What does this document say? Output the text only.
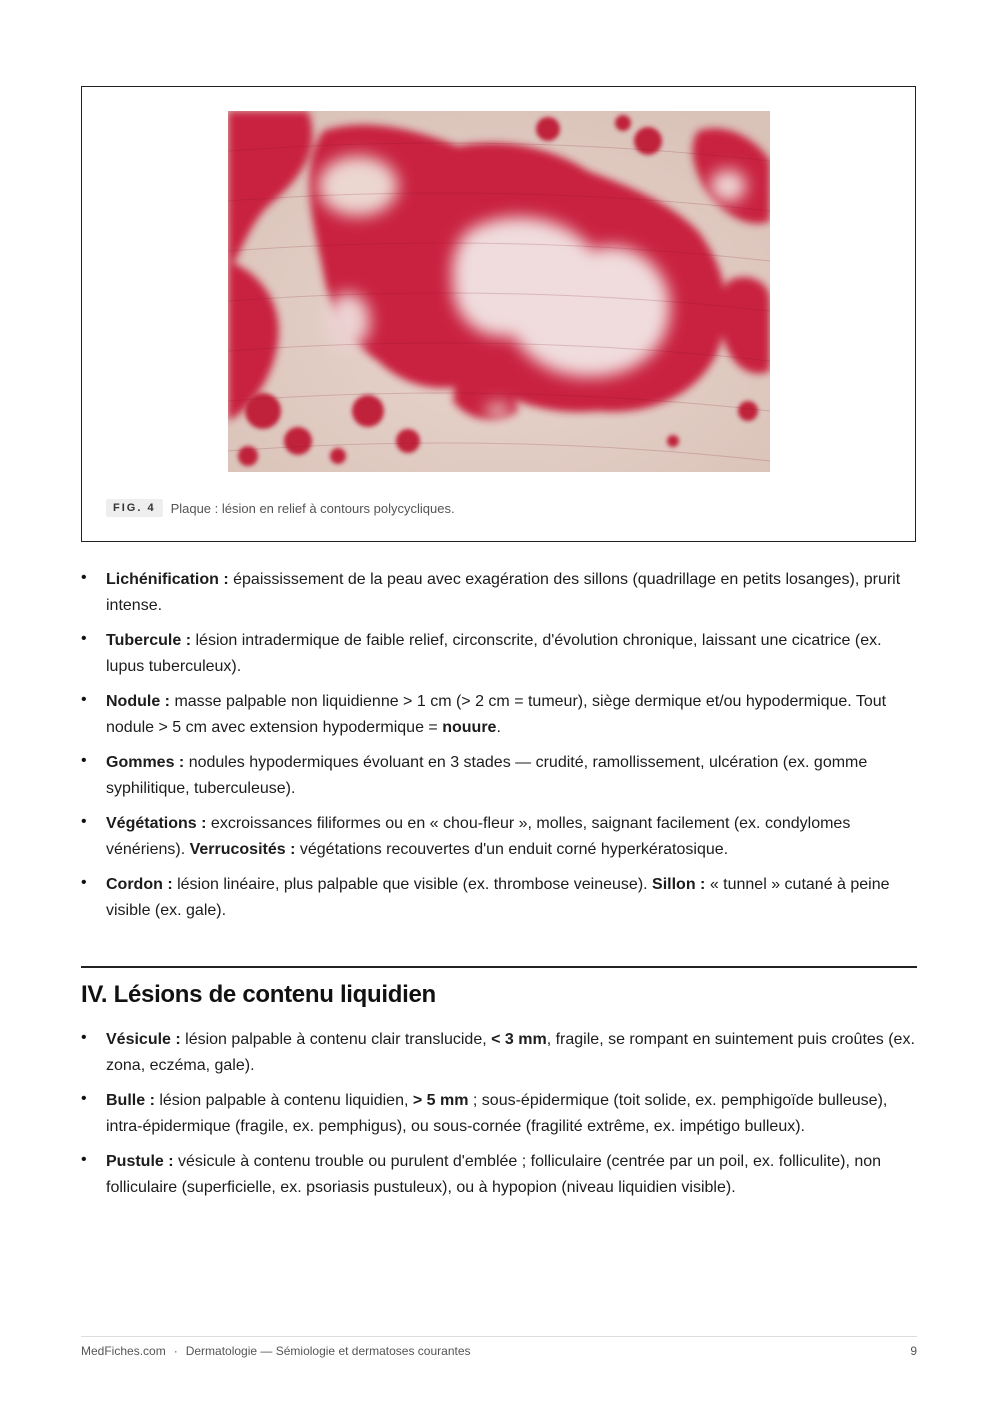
FIG. 4	Plaque : lésion en relief à contours polycycliques.
• Lichénification : épaississement de la peau avec exagération des sillons (quadrillage en petits losanges), prurit intense.
• Tubercule : lésion intradermique de faible relief, circonscrite, d'évolution chronique, laissant une cicatrice (ex. lupus tuberculeux).
• Nodule : masse palpable non liquidienne > 1 cm (> 2 cm = tumeur), siège dermique et/ou hypodermique. Tout nodule > 5 cm avec extension hypodermique = nouure.
• Gommes : nodules hypodermiques évoluant en 3 stades — crudité, ramollissement, ulcération (ex. gomme syphilitique, tuberculeuse).
• Végétations : excroissances filiformes ou en « chou-fleur », molles, saignant facilement (ex. condylomes vénériens). Verrucosités : végétations recouvertes d'un enduit corné hyperkératosique.
• Cordon : lésion linéaire, plus palpable que visible (ex. thrombose veineuse). Sillon : « tunnel » cutané à peine visible (ex. gale).
IV. Lésions de contenu liquidien
• Vésicule : lésion palpable à contenu clair translucide, < 3 mm, fragile, se rompant en suintement puis croûtes (ex. zona, eczéma, gale).
• Bulle : lésion palpable à contenu liquidien, > 5 mm ; sous-épidermique (toit solide, ex. pemphigoïde bulleuse), intra-épidermique (fragile, ex. pemphigus), ou sous-cornée (fragilité extrême, ex. impétigo bulleux).
• Pustule : vésicule à contenu trouble ou purulent d'emblée ; folliculaire (centrée par un poil, ex. folliculite), non folliculaire (superficielle, ex. psoriasis pustuleux), ou à hypopion (niveau liquidien visible).
MedFiches.com · Dermatologie — Sémiologie et dermatoses courantes	9
